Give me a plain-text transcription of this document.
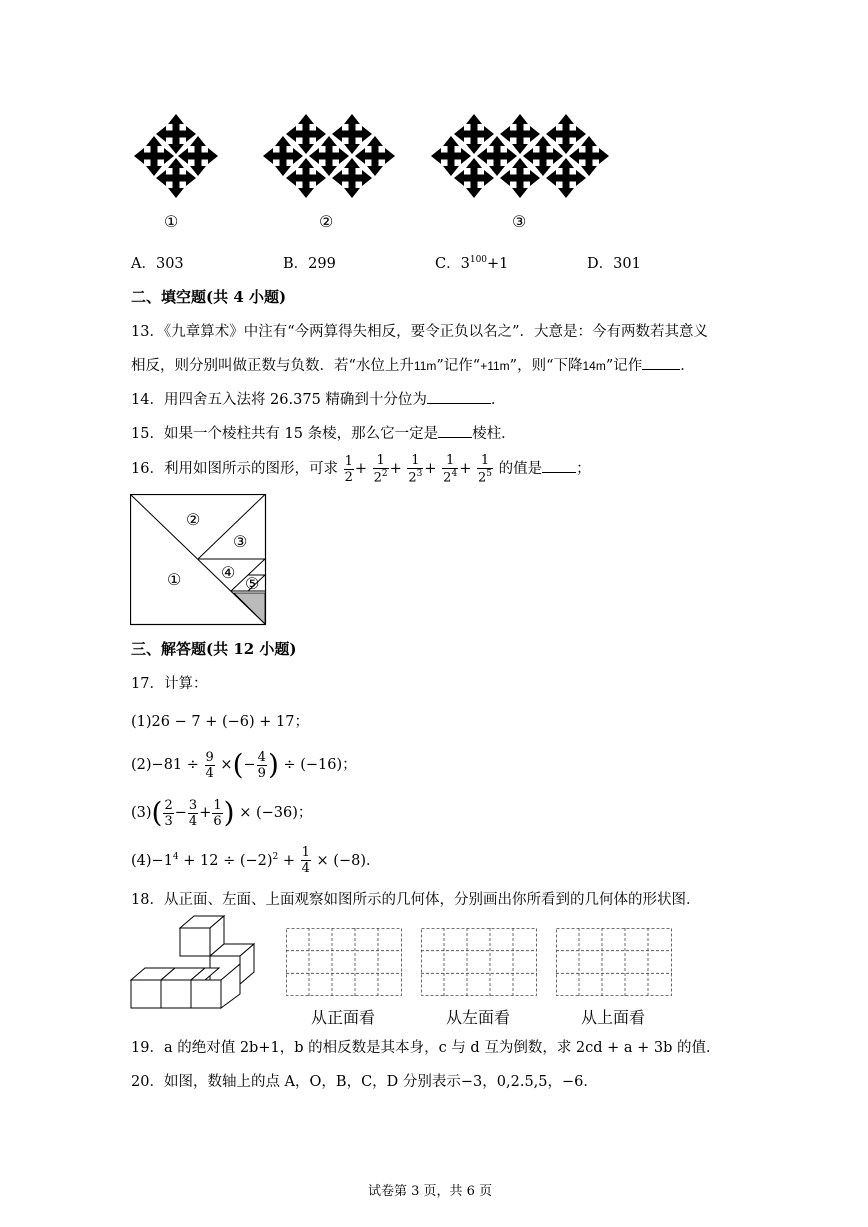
①	②	③
A．303	B．299	C．$3^{100}+1$	D．301
二、填空题(共 4 小题)
13．《九章算术》中注有“今两算得失相反，要令正负以名之”．大意是：今有两数若其意义
相反，则分别叫做正数与负数．若“水位上升11m”记作“+11m”，则“下降14m”记作	．
14．用四舍五入法将 26.375 精确到十分位为	．
15．如果一个棱柱共有 15 条棱，那么它一定是 棱柱．
16．利用如图所示的图形，可求 $\frac{1}{2} + \frac{1}{2^2} + \frac{1}{2^3} + \frac{1}{2^4} + \frac{1}{2^5}$ 的值是 ；
②
③
① ④
⑤
三、解答题(共 12 小题)
17．计算：
(1)26 − 7 + (−6) + 17；
$(2)-81 \div \frac{9}{4}$ ×(− $\frac{4}{9}$ ) ÷ (−16)；
$(3)( \frac{2}{3} - \frac{3}{4} + \frac{1}{6}$ ) × (−36)；
$(4)-1^4 + 12 \div (-2)^2 + \frac{1}{4} \times (-8)$．
18．从正面、左面、上面观察如图所示的几何体，分别画出你所看到的几何体的形状图．
从正面看	从左面看	从上面看
19．a 的绝对值 2b+1，b 的相反数是其本身，c 与 d 互为倒数，求 2cd + a + 3b 的值．
20．如图，数轴上的点 A，O，B，C，D 分别表示−3，0,2.5,5，−6．
试卷第 3 页，共 6 页
